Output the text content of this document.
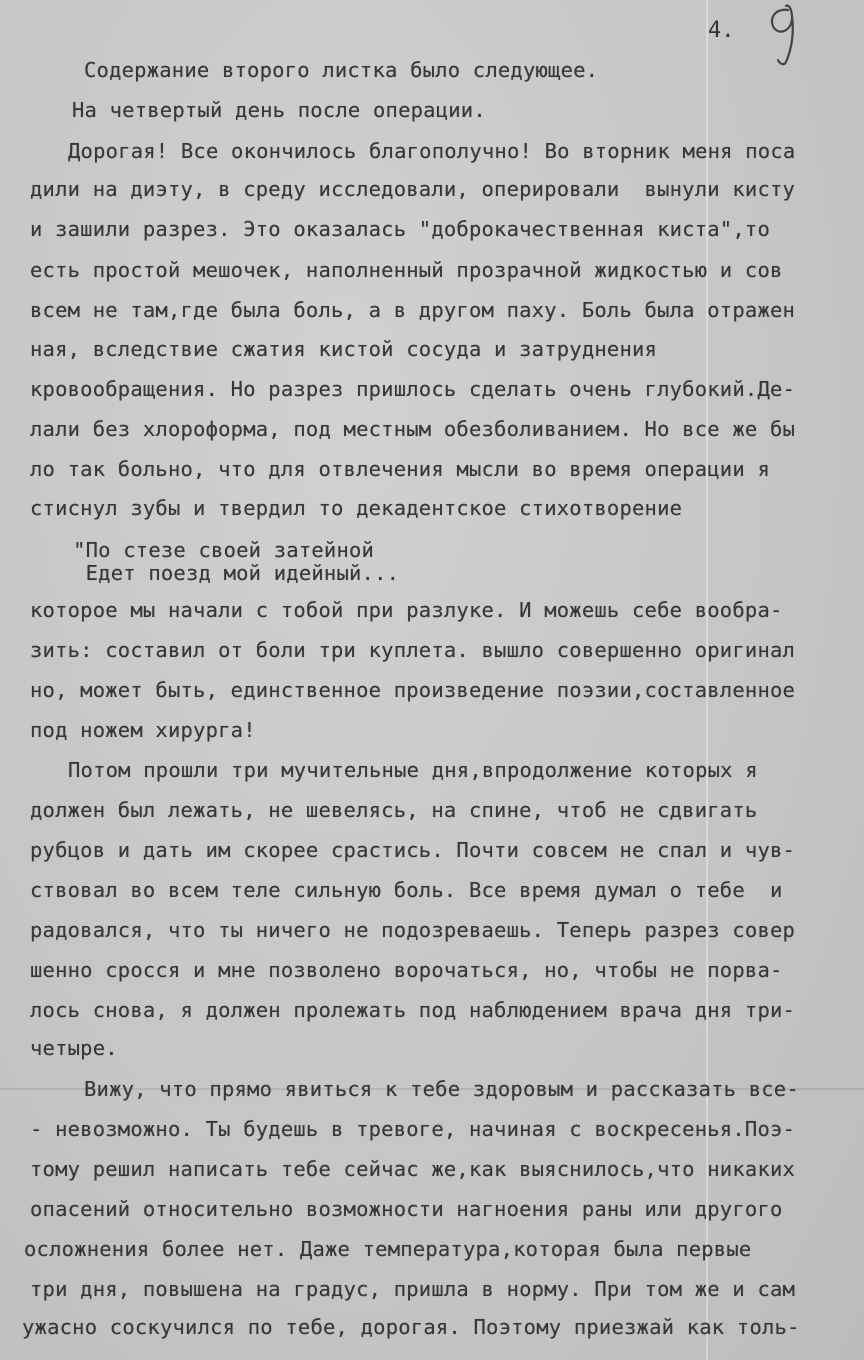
4.
Содержание второго листка было следующее.
На четвертый день после операции.
Дорогая! Все окончилось благополучно! Во вторник меня поса
дили на диэту, в среду исследовали, оперировали  вынули кисту
и зашили разрез. Это оказалась "доброкачественная киста",то
есть простой мешочек, наполненный прозрачной жидкостью и сов
всем не там,где была боль, а в другом паху. Боль была отражен
ная, вследствие сжатия кистой сосуда и затруднения
кровообращения. Но разрез пришлось сделать очень глубокий.Де-
лали без хлороформа, под местным обезболиванием. Но все же бы
ло так больно, что для отвлечения мысли во время операции я
стиснул зубы и твердил то декадентское стихотворение
"По стезе своей затейной
Едет поезд мой идейный...
которое мы начали с тобой при разлуке. И можешь себе вообра-
зить: составил от боли три куплета. вышло совершенно оригинал
но, может быть, единственное произведение поэзии,составленное
под ножем хирурга!
Потом прошли три мучительные дня,впродолжение которых я
должен был лежать, не шевелясь, на спине, чтоб не сдвигать
рубцов и дать им скорее срастись. Почти совсем не спал и чув-
ствовал во всем теле сильную боль. Все время думал о тебе  и
радовался, что ты ничего не подозреваешь. Теперь разрез совер
шенно сросся и мне позволено ворочаться, но, чтобы не порва-
лось снова, я должен пролежать под наблюдением врача дня три-
четыре.
Вижу, что прямо явиться к тебе здоровым и рассказать все-
- невозможно. Ты будешь в тревоге, начиная с воскресенья.Поэ-
тому решил написать тебе сейчас же,как выяснилось,что никаких
опасений относительно возможности нагноения раны или другого
осложнения более нет. Даже температура,которая была первые
три дня, повышена на градус, пришла в норму. При том же и сам
ужасно соскучился по тебе, дорогая. Поэтому приезжай как толь-
